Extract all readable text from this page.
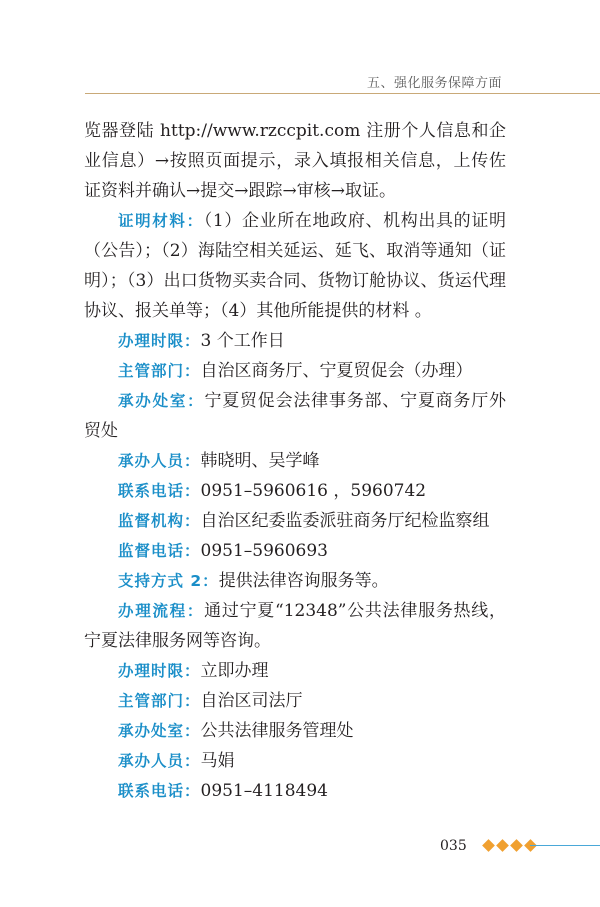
五、强化服务保障方面

览器登陆 http://www.rzccpit.com 注册个人信息和企业信息）→按照页面提示，录入填报相关信息，上传佐证资料并确认→提交→跟踪→审核→取证。

证明材料：（1）企业所在地政府、机构出具的证明（公告）；（2）海陆空相关延运、延飞、取消等通知（证明）；（3）出口货物买卖合同、货物订舱协议、货运代理协议、报关单等；（4）其他所能提供的材料 。

办理时限：3 个工作日

主管部门：自治区商务厅、宁夏贸促会（办理）

承办处室：宁夏贸促会法律事务部、宁夏商务厅外贸处

承办人员：韩晓明、吴学峰

联系电话：0951–5960616 ，5960742

监督机构：自治区纪委监委派驻商务厅纪检监察组

监督电话：0951–5960693

支持方式 2：提供法律咨询服务等。

办理流程：通过宁夏“12348”公共法律服务热线，宁夏法律服务网等咨询。

办理时限：立即办理

主管部门：自治区司法厅

承办处室：公共法律服务管理处

承办人员：马娟

联系电话：0951–4118494

035
